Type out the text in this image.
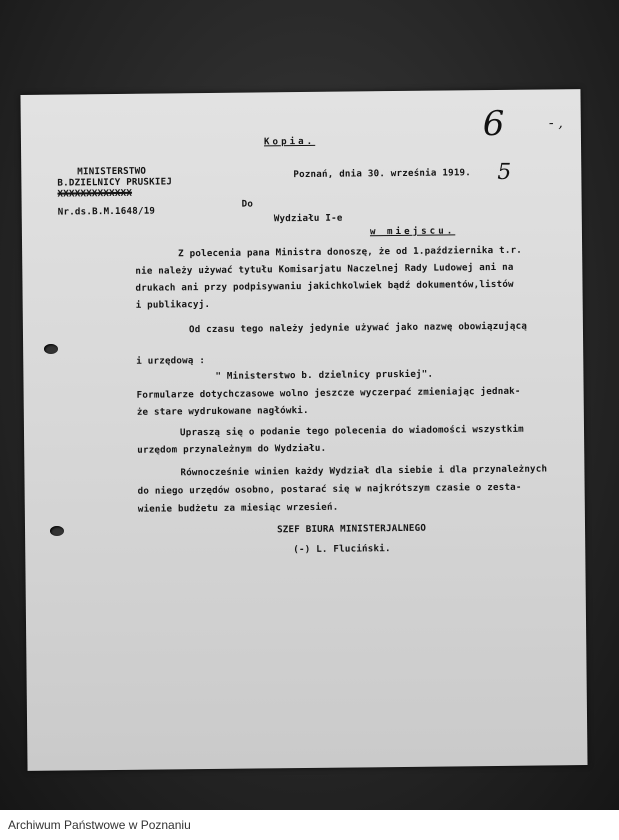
Kopia.	6	- ,
5
MINISTERSTWO
B.DZIELNICY PRUSKIEJ
XXXXXXXXXXXXX
Poznań, dnia 30. września 1919.
Nr.ds.B.M.1648/19
Do
Wydziału I-e
w miejscu.
Z polecenia pana Ministra donoszę, że od 1.października t.r.
nie należy używać tytułu Komisarjatu Naczelnej Rady Ludowej ani na
drukach ani przy podpisywaniu jakichkolwiek bądź dokumentów,listów
i publikacyj.
Od czasu tego należy jedynie używać jako nazwę obowiązującą
i urzędową :
" Ministerstwo b. dzielnicy pruskiej".
Formularze dotychczasowe wolno jeszcze wyczerpać zmieniając jednak-
że stare wydrukowane nagłówki.
Upraszą się o podanie tego polecenia do wiadomości wszystkim
urzędom przynależnym do Wydziału.
Równocześnie winien każdy Wydział dla siebie i dla przynależnych
do niego urzędów osobno, postarać się w najkrótszym czasie o zesta-
wienie budżetu za miesiąc wrzesień.
SZEF BIURA MINISTERJALNEGO
(-) L. Fluciński.
Archiwum Państwowe w Poznaniu
